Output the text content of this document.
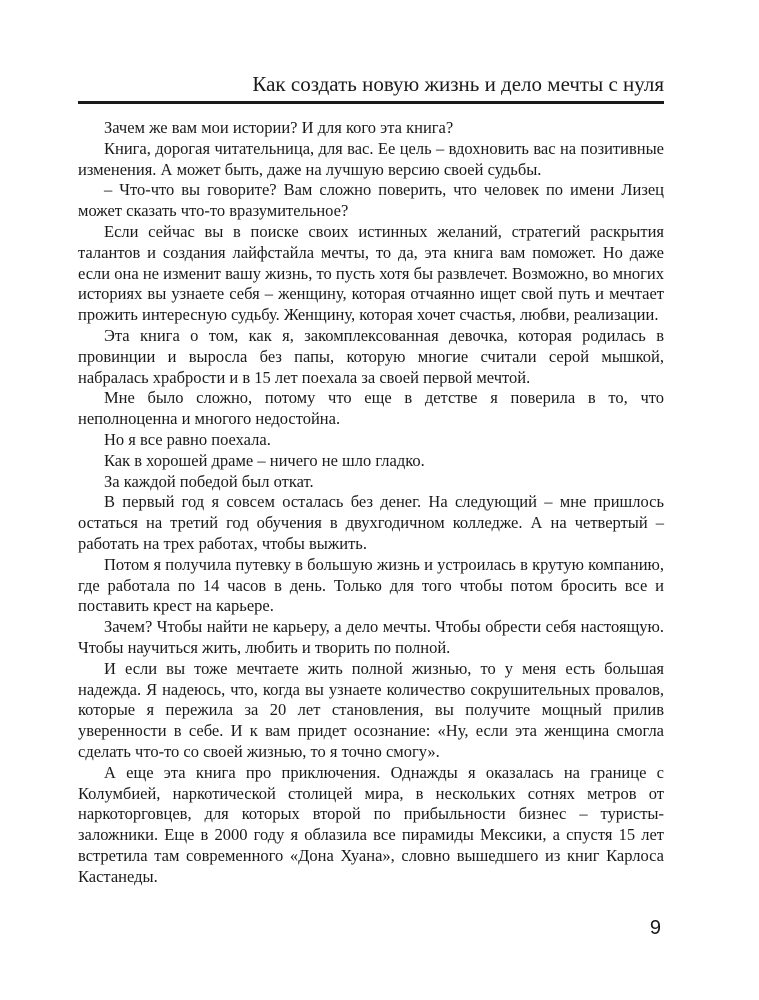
Как создать новую жизнь и дело мечты с нуля

Зачем же вам мои истории? И для кого эта книга?

Книга, дорогая читательница, для вас. Ее цель – вдохновить вас на позитивные изменения. А может быть, даже на лучшую версию своей судьбы.

– Что-что вы говорите? Вам сложно поверить, что человек по имени Лизец может сказать что-то вразумительное?

Если сейчас вы в поиске своих истинных желаний, стратегий раскрытия талантов и создания лайфстайла мечты, то да, эта книга вам поможет. Но даже если она не изменит вашу жизнь, то пусть хотя бы развлечет. Возможно, во многих историях вы узнаете себя – женщину, которая отчаянно ищет свой путь и мечтает прожить интересную судьбу. Женщину, которая хочет счастья, любви, реализации.

Эта книга о том, как я, закомплексованная девочка, которая родилась в провинции и выросла без папы, которую многие считали серой мышкой, набралась храбрости и в 15 лет поехала за своей первой мечтой.

Мне было сложно, потому что еще в детстве я поверила в то, что неполноценна и многого недостойна.

Но я все равно поехала.

Как в хорошей драме – ничего не шло гладко.

За каждой победой был откат.

В первый год я совсем осталась без денег. На следующий – мне пришлось остаться на третий год обучения в двухгодичном колледже. А на четвертый – работать на трех работах, чтобы выжить.

Потом я получила путевку в большую жизнь и устроилась в крутую компанию, где работала по 14 часов в день. Только для того чтобы потом бросить все и поставить крест на карьере.

Зачем? Чтобы найти не карьеру, а дело мечты. Чтобы обрести себя настоящую. Чтобы научиться жить, любить и творить по полной.

И если вы тоже мечтаете жить полной жизнью, то у меня есть большая надежда. Я надеюсь, что, когда вы узнаете количество сокрушительных провалов, которые я пережила за 20 лет становления, вы получите мощный прилив уверенности в себе. И к вам придет осознание: «Ну, если эта женщина смогла сделать что-то со своей жизнью, то я точно смогу».

А еще эта книга про приключения. Однажды я оказалась на границе с Колумбией, наркотической столицей мира, в нескольких сотнях метров от наркоторговцев, для которых второй по прибыльности бизнес – туристы-заложники. Еще в 2000 году я облазила все пирамиды Мексики, а спустя 15 лет встретила там современного «Дона Хуана», словно вышедшего из книг Карлоса Кастанеды.

9
